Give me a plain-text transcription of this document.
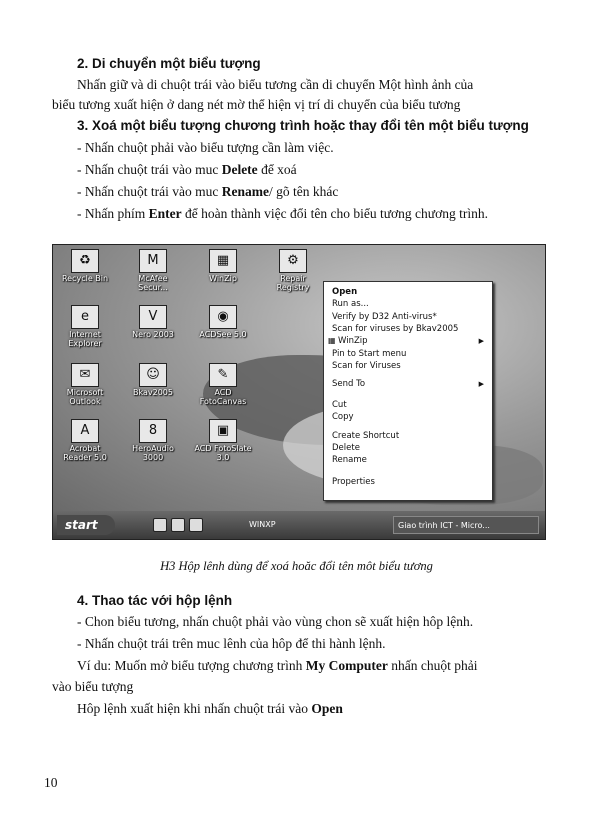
2. Di chuyển một biểu tượng
Nhấn giữ và di chuột trái vào biểu tương cần di chuyển Một hình ảnh của
biểu tương xuất hiện ở dang nét mờ thể hiện vị trí di chuyển của biểu tương
3. Xoá một biểu tượng chương trình hoặc thay đổi tên một biểu tượng
- Nhấn chuột phải vào biểu tượng cần làm việc.
- Nhấn chuột trái vào muc Delete để xoá
- Nhấn chuột trái vào muc Rename/ gõ tên khác
- Nhấn phím Enter để hoàn thành việc đổi tên cho biểu tương chương trình.
♻
Recycle Bin
M
McAfee
Secur...
▦
WinZip
⚙
Repair
Registry
e
Internet
Explorer
V
Nero 2003
◉
ACDSee 5.0
✉
Microsoft
Outlook
☺
Bkav2005
✎
ACD
FotoCanvas
A
Acrobat
Reader 5.0
8
HeroAudio
3000
▣
ACD FotoSlate
3.0
Open
Run as...
Verify by D32 Anti-virus*
Scan for viruses by Bkav2005
▦ WinZip	▶
Pin to Start menu
Scan for Viruses
Send To	▶
Cut
Copy
Create Shortcut
Delete
Rename
Properties
start	WINXP	Giao trình ICT - Micro...
H3 Hộp lênh dùng để xoá hoăc đổi tên môt biểu tương
4. Thao tác với hộp lệnh
- Chon biểu tương, nhấn chuột phải vào vùng chon sẽ xuất hiện hôp lệnh.
- Nhấn chuột trái trên muc lênh của hôp để thi hành lệnh.
Ví du: Muốn mở biểu tượng chương trình My Computer nhấn chuột phải
vào biểu tượng
Hôp lệnh xuất hiện khi nhấn chuột trái vào Open
10
